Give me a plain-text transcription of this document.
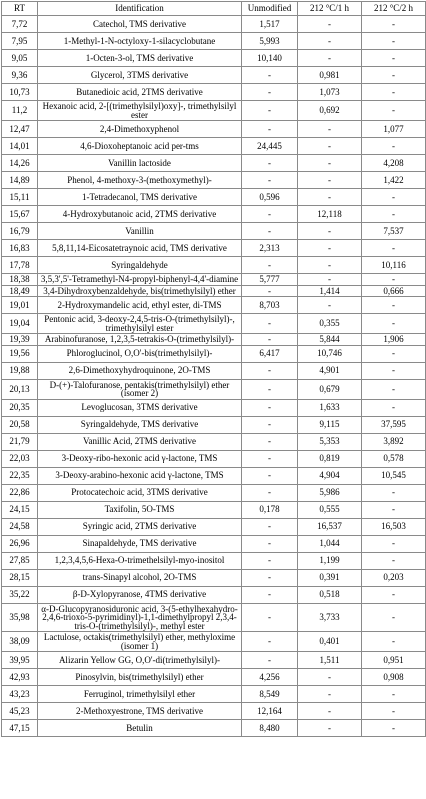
RT	Identification	Unmodified	212 °C/1 h	212 °C/2 h
7,72	Catechol, TMS derivative	1,517	-	-
7,95	1-Methyl-1-N-octyloxy-1-silacyclobutane	5,993	-	-
9,05	1-Octen-3-ol, TMS derivative	10,140	-	-
9,36	Glycerol, 3TMS derivative	-	0,981	-
10,73	Butanedioic acid, 2TMS derivative	-	1,073	-
11,2	Hexanoic acid, 2-[(trimethylsilyl)oxy]-, trimethylsilyl ester	-	0,692	-
12,47	2,4-Dimethoxyphenol	-	-	1,077
14,01	4,6-Dioxoheptanoic acid per-tms	24,445	-	-
14,26	Vanillin lactoside	-	-	4,208
14,89	Phenol, 4-methoxy-3-(methoxymethyl)-	-	-	1,422
15,11	1-Tetradecanol, TMS derivative	0,596	-	-
15,67	4-Hydroxybutanoic acid, 2TMS derivative	-	12,118	-
16,79	Vanillin	-	-	7,537
16,83	5,8,11,14-Eicosatetraynoic acid, TMS derivative	2,313	-	-
17,78	Syringaldehyde	-	-	10,116
18,38	3,5,3',5'-Tetramethyl-N4-propyl-biphenyl-4,4'-diamine	5,777	-	-
18,49	3,4-Dihydroxybenzaldehyde, bis(trimethylsilyl) ether	-	1,414	0,666
19,01	2-Hydroxymandelic acid, ethyl ester, di-TMS	8,703	-	-
19,04	Pentonic acid, 3-deoxy-2,4,5-tris-O-(trimethylsilyl)-, trimethylsilyl ester	-	0,355	-
19,39	Arabinofuranose, 1,2,3,5-tetrakis-O-(trimethylsilyl)-	-	5,844	1,906
19,56	Phloroglucinol, O,O'-bis(trimethylsilyl)-	6,417	10,746	-
19,88	2,6-Dimethoxyhydroquinone, 2O-TMS	-	4,901	-
20,13	D-(+)-Talofuranose, pentakis(trimethylsilyl) ether (isomer 2)	-	0,679	-
20,35	Levoglucosan, 3TMS derivative	-	1,633	-
20,58	Syringaldehyde, TMS derivative	-	9,115	37,595
21,79	Vanillic Acid, 2TMS derivative	-	5,353	3,892
22,03	3-Deoxy-ribo-hexonic acid γ-lactone, TMS	-	0,819	0,578
22,35	3-Deoxy-arabino-hexonic acid γ-lactone, TMS	-	4,904	10,545
22,86	Protocatechoic acid, 3TMS derivative	-	5,986	-
24,15	Taxifolin, 5O-TMS	0,178	0,555	-
24,58	Syringic acid, 2TMS derivative	-	16,537	16,503
26,96	Sinapaldehyde, TMS derivative	-	1,044	-
27,85	1,2,3,4,5,6-Hexa-O-trimethelsilyl-myo-inositol	-	1,199	-
28,15	trans-Sinapyl alcohol, 2O-TMS	-	0,391	0,203
35,22	β-D-Xylopyranose, 4TMS derivative	-	0,518	-
35,98	α-D-Glucopyranosiduronic acid, 3-(5-ethylhexahydro-2,4,6-trioxo-5-pyrimidinyl)-1,1-dimethylpropyl 2,3,4-tris-O-(trimethylsilyl)-, methyl ester	-	3,733	-
38,09	Lactulose, octakis(trimethylsilyl) ether, methyloxime (isomer 1)	-	0,401	-
39,95	Alizarin Yellow GG, O,O'-di(trimethylsilyl)-	-	1,511	0,951
42,93	Pinosylvin, bis(trimethylsilyl) ether	4,256	-	0,908
43,23	Ferruginol, trimethylsilyl ether	8,549	-	-
45,23	2-Methoxyestrone, TMS derivative	12,164	-	-
47,15	Betulin	8,480	-	-
